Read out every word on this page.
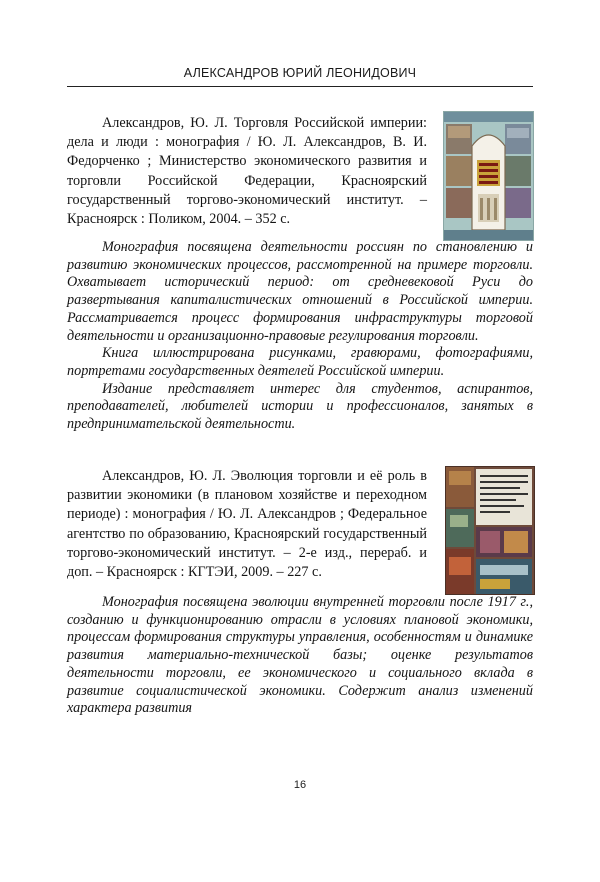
АЛЕКСАНДРОВ ЮРИЙ ЛЕОНИДОВИЧ
Александров, Ю. Л. Торговля Российской империи: дела и люди : монография / Ю. Л. Александров, В. И. Федорченко ; Министерство экономического развития и торговли Российской Федерации, Красноярский государственный торгово-экономический институт. – Красноярск : Поликом, 2004. – 352 с.

Монография посвящена деятельности россиян по становлению и развитию экономических процессов, рассмотренной на примере торговли. Охватывает исторический период: от средневековой Руси до развертывания капиталистических отношений в Российской империи. Рассматривается процесс формирования инфраструктуры торговой деятельности и организационно-правовые регулирования торговли.

Книга иллюстрирована рисунками, гравюрами, фотографиями, портретами государственных деятелей Российской империи.

Издание представляет интерес для студентов, аспирантов, преподавателей, любителей истории и профессионалов, занятых в предпринимательской деятельности.

Александров, Ю. Л. Эволюция торговли и её роль в развитии экономики (в плановом хозяйстве и переходном периоде) : монография / Ю. Л. Александров ; Федеральное агентство по образованию, Красноярский государственный торгово-экономический институт. – 2-е изд., перераб. и доп. – Красноярск : КГТЭИ, 2009. – 227 с.

Монография посвящена эволюции внутренней торговли после 1917 г., созданию и функционированию отрасли в условиях плановой экономики, процессам формирования структуры управления, особенностям и динамике развития материально-технической базы; оценке результатов деятельности торговли, ее экономического и социального вклада в развитие социалистической экономики. Содержит анализ изменений характера развития

16
